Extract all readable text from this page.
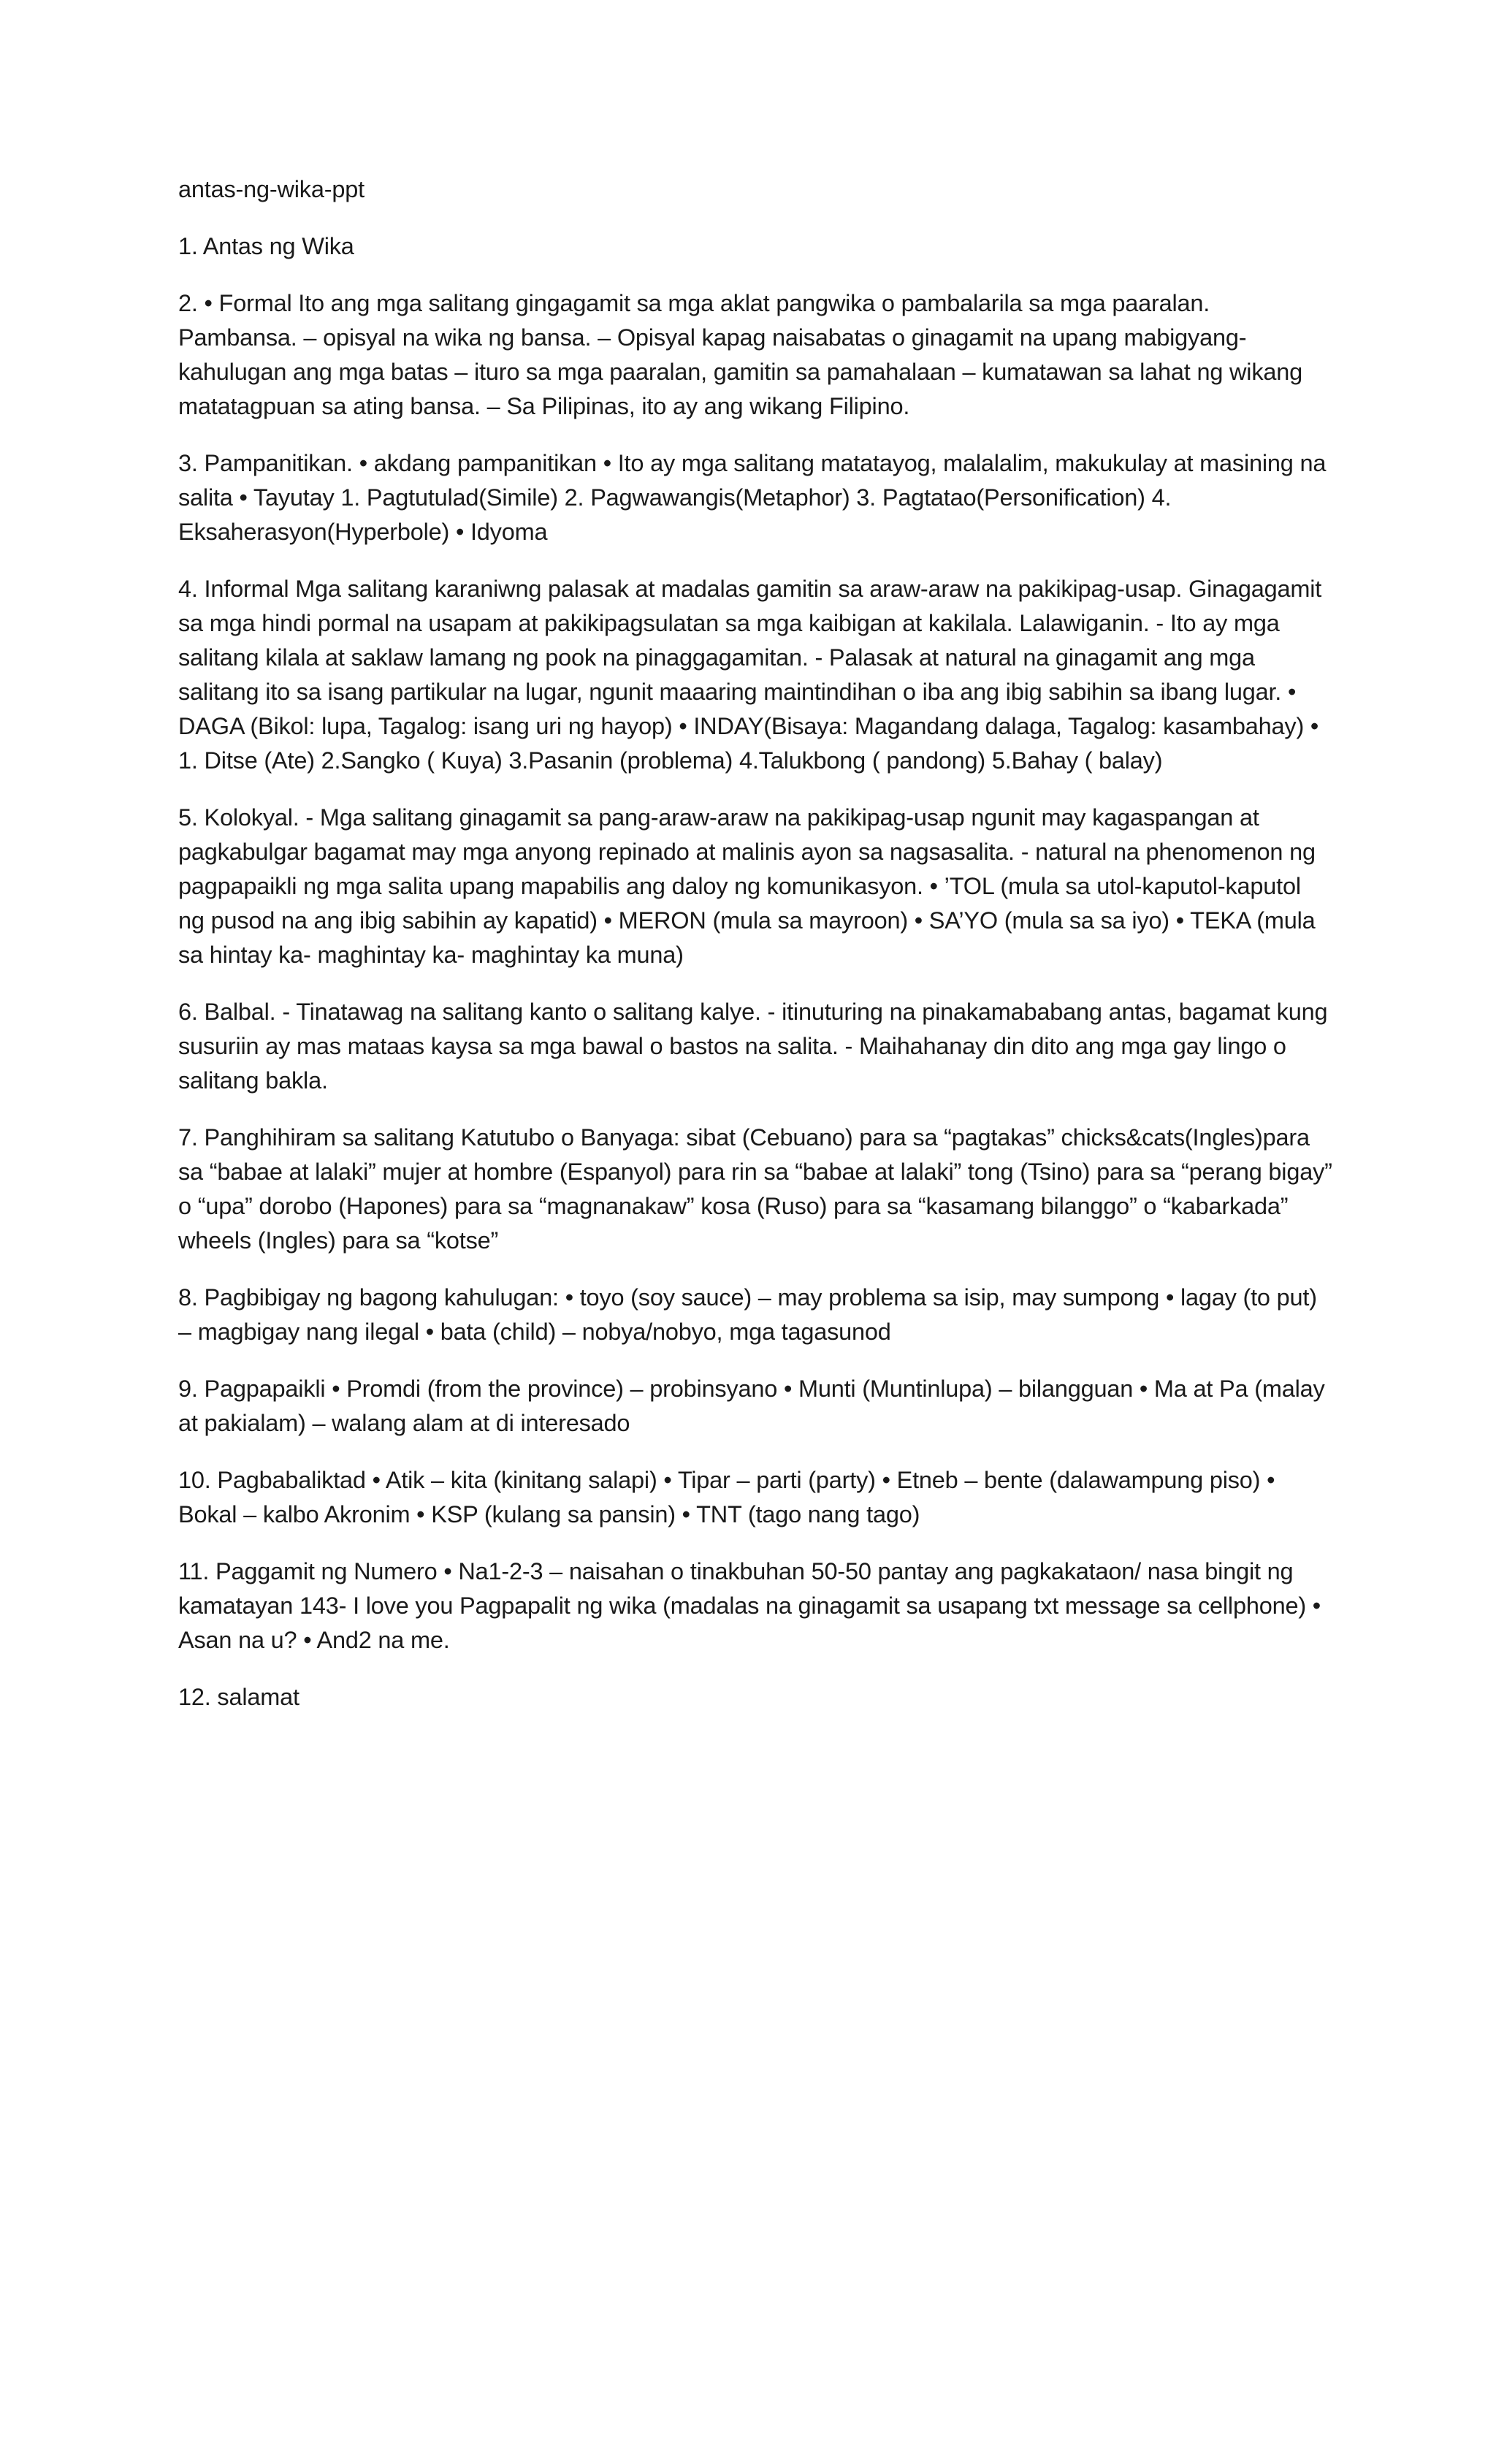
antas-ng-wika-ppt

1. Antas ng Wika

2. • Formal Ito ang mga salitang gingagamit sa mga aklat pangwika o pambalarila sa mga paaralan. Pambansa. – opisyal na wika ng bansa. – Opisyal kapag naisabatas o ginagamit na upang mabigyang-kahulugan ang mga batas – ituro sa mga paaralan, gamitin sa pamahalaan – kumatawan sa lahat ng wikang matatagpuan sa ating bansa. – Sa Pilipinas, ito ay ang wikang Filipino.

3. Pampanitikan. • akdang pampanitikan • Ito ay mga salitang matatayog, malalalim, makukulay at masining na salita • Tayutay 1. Pagtutulad(Simile) 2. Pagwawangis(Metaphor) 3. Pagtatao(Personification) 4. Eksaherasyon(Hyperbole) • Idyoma

4. Informal Mga salitang karaniwng palasak at madalas gamitin sa araw-araw na pakikipag-usap. Ginagagamit sa mga hindi pormal na usapam at pakikipagsulatan sa mga kaibigan at kakilala. Lalawiganin. - Ito ay mga salitang kilala at saklaw lamang ng pook na pinaggagamitan. - Palasak at natural na ginagamit ang mga salitang ito sa isang partikular na lugar, ngunit maaaring maintindihan o iba ang ibig sabihin sa ibang lugar. • DAGA (Bikol: lupa, Tagalog: isang uri ng hayop) • INDAY(Bisaya: Magandang dalaga, Tagalog: kasambahay) • 1. Ditse (Ate) 2.Sangko ( Kuya) 3.Pasanin (problema) 4.Talukbong ( pandong) 5.Bahay ( balay)

5. Kolokyal. - Mga salitang ginagamit sa pang-araw-araw na pakikipag-usap ngunit may kagaspangan at pagkabulgar bagamat may mga anyong repinado at malinis ayon sa nagsasalita. - natural na phenomenon ng pagpapaikli ng mga salita upang mapabilis ang daloy ng komunikasyon. • ’TOL (mula sa utol-kaputol-kaputol ng pusod na ang ibig sabihin ay kapatid) • MERON (mula sa mayroon) • SA’YO (mula sa sa iyo) • TEKA (mula sa hintay ka- maghintay ka- maghintay ka muna)

6. Balbal. - Tinatawag na salitang kanto o salitang kalye. - itinuturing na pinakamababang antas, bagamat kung susuriin ay mas mataas kaysa sa mga bawal o bastos na salita. - Maihahanay din dito ang mga gay lingo o salitang bakla.

7. Panghihiram sa salitang Katutubo o Banyaga: sibat (Cebuano) para sa “pagtakas” chicks&cats(Ingles)para sa “babae at lalaki” mujer at hombre (Espanyol) para rin sa “babae at lalaki” tong (Tsino) para sa “perang bigay” o “upa” dorobo (Hapones) para sa “magnanakaw” kosa (Ruso) para sa “kasamang bilanggo” o “kabarkada” wheels (Ingles) para sa “kotse”

8. Pagbibigay ng bagong kahulugan: • toyo (soy sauce) – may problema sa isip, may sumpong • lagay (to put) – magbigay nang ilegal • bata (child) – nobya/nobyo, mga tagasunod

9. Pagpapaikli • Promdi (from the province) – probinsyano • Munti (Muntinlupa) – bilangguan • Ma at Pa (malay at pakialam) – walang alam at di interesado

10. Pagbabaliktad • Atik – kita (kinitang salapi) • Tipar – parti (party) • Etneb – bente (dalawampung piso) • Bokal – kalbo Akronim • KSP (kulang sa pansin) • TNT (tago nang tago)

11. Paggamit ng Numero • Na1-2-3 – naisahan o tinakbuhan 50-50 pantay ang pagkakataon/ nasa bingit ng kamatayan 143- I love you Pagpapalit ng wika (madalas na ginagamit sa usapang txt message sa cellphone) • Asan na u? • And2 na me.

12. salamat
